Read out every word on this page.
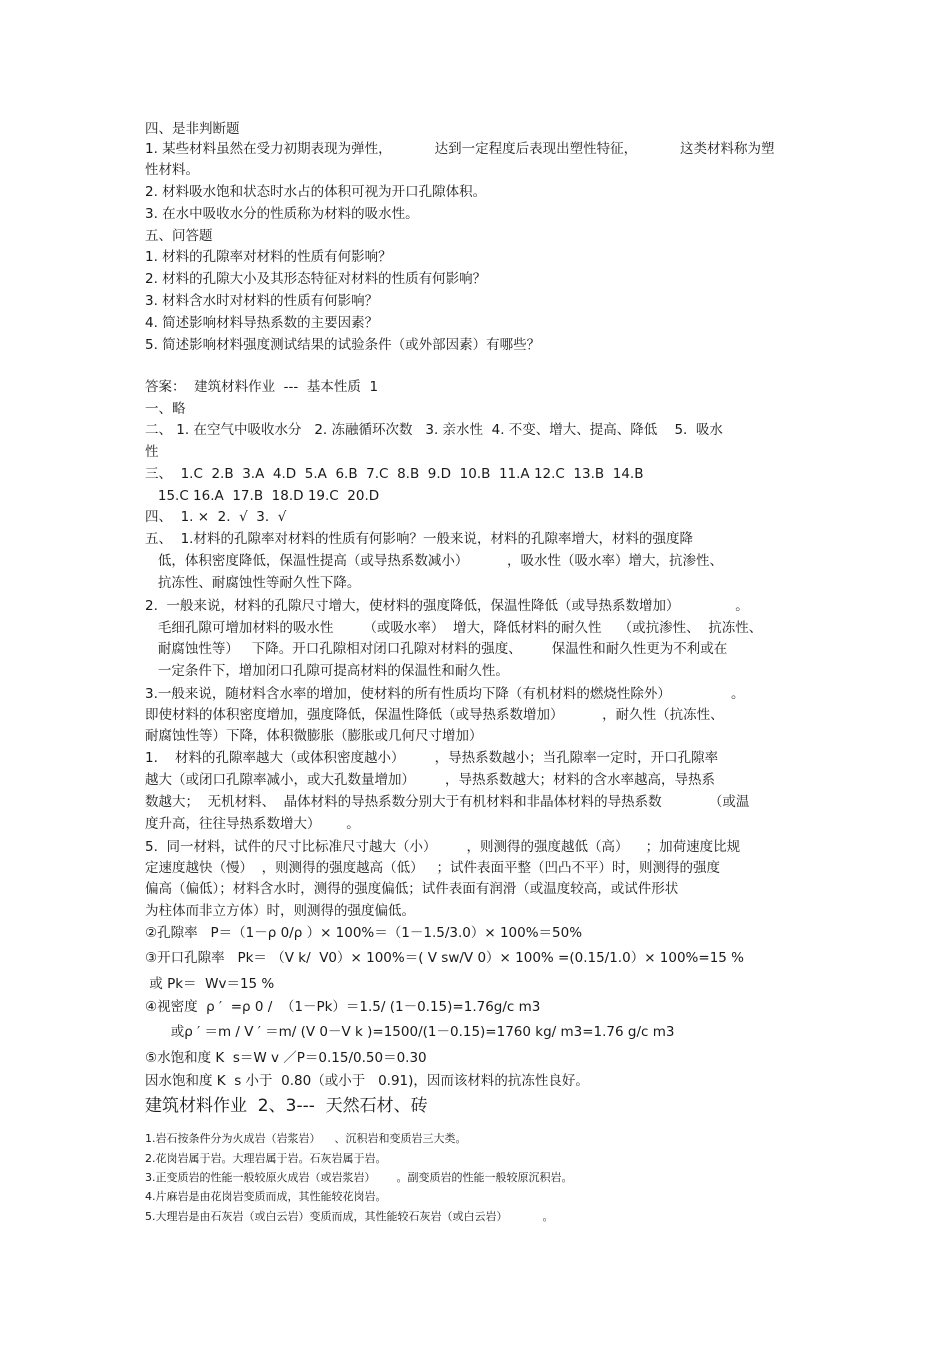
四、是非判断题
1. 某些材料虽然在受力初期表现为弹性，          达到一定程度后表现出塑性特征，          这类材料称为塑
性材料。
2. 材料吸水饱和状态时水占的体积可视为开口孔隙体积。
3. 在水中吸收水分的性质称为材料的吸水性。
五、问答题
1. 材料的孔隙率对材料的性质有何影响？
2. 材料的孔隙大小及其形态特征对材料的性质有何影响？
3. 材料含水时对材料的性质有何影响？
4. 简述影响材料导热系数的主要因素？
5. 简述影响材料强度测试结果的试验条件（或外部因素）有哪些？
答案：  建筑材料作业  ---  基本性质  1
一、略
二、 1. 在空气中吸收水分   2. 冻融循环次数   3. 亲水性  4. 不变、增大、提高、降低    5.  吸水
性
三、  1.C  2.B  3.A  4.D  5.A  6.B  7.C  8.B  9.D  10.B  11.A 12.C  13.B  14.B
15.C 16.A  17.B  18.D 19.C  20.D
四、  1. ×  2.  √  3.  √
五、  1.材料的孔隙率对材料的性质有何影响？一般来说，材料的孔隙率增大，材料的强度降
低，体积密度降低，保温性提高（或导热系数减小）         ，吸水性（吸水率）增大，抗渗性、
抗冻性、耐腐蚀性等耐久性下降。
2.  一般来说，材料的孔隙尺寸增大，使材料的强度降低，保温性降低（或导热系数增加）             。
毛细孔隙可增加材料的吸水性       （或吸水率）  增大，降低材料的耐久性    （或抗渗性、  抗冻性、
耐腐蚀性等）   下降。开口孔隙相对闭口孔隙对材料的强度、       保温性和耐久性更为不利或在
一定条件下，增加闭口孔隙可提高材料的保温性和耐久性。
3.一般来说，随材料含水率的增加，使材料的所有性质均下降（有机材料的燃烧性除外）              。
即使材料的体积密度增加，强度降低，保温性降低（或导热系数增加）         ，耐久性（抗冻性、
耐腐蚀性等）下降，体积微膨胀（膨胀或几何尺寸增加）
1.    材料的孔隙率越大（或体积密度越小）       ，导热系数越小；当孔隙率一定时，开口孔隙率
越大（或闭口孔隙率减小，或大孔数量增加）       ，导热系数越大；材料的含水率越高，导热系
数越大；  无机材料、  晶体材料的导热系数分别大于有机材料和非晶体材料的导热系数           （或温
度升高，往往导热系数增大）      。
5.  同一材料，试件的尺寸比标准尺寸越大（小）       ，则测得的强度越低（高）    ；加荷速度比规
定速度越快（慢）  ，则测得的强度越高（低）   ；试件表面平整（凹凸不平）时，则测得的强度
偏高（偏低）；材料含水时，测得的强度偏低；试件表面有润滑（或温度较高，或试件形状
为柱体而非立方体）时，则测得的强度偏低。
②孔隙率   P＝（1－ρ 0/ρ ）× 100%＝（1－1.5/3.0）× 100%＝50%
③开口孔隙率   Pk＝ （V k/  V0）× 100%＝( V sw/V 0）× 100% =(0.15/1.0）× 100%=15 %
或 Pk＝  Wv＝15 %
④视密度  ρ ′  =ρ 0 /  （1－Pk）＝1.5/ (1－0.15)=1.76g/c m3
或ρ ′ ＝m / V ′ ＝m/ (V 0－V k )=1500/(1－0.15)=1760 kg/ m3=1.76 g/c m3
⑤水饱和度 K  s＝W v ／P＝0.15/0.50＝0.30
因水饱和度 K  s 小于  0.80（或小于   0.91)，因而该材料的抗冻性良好。
建筑材料作业  2、3---  天然石材、砖
1.岩石按条件分为火成岩（岩浆岩）    、沉积岩和变质岩三大类。
2.花岗岩属于岩。大理岩属于岩。石灰岩属于岩。
3.正变质岩的性能一般较原火成岩（或岩浆岩）      。副变质岩的性能一般较原沉积岩。
4.片麻岩是由花岗岩变质而成，其性能较花岗岩。
5.大理岩是由石灰岩（或白云岩）变质而成，其性能较石灰岩（或白云岩）          。
